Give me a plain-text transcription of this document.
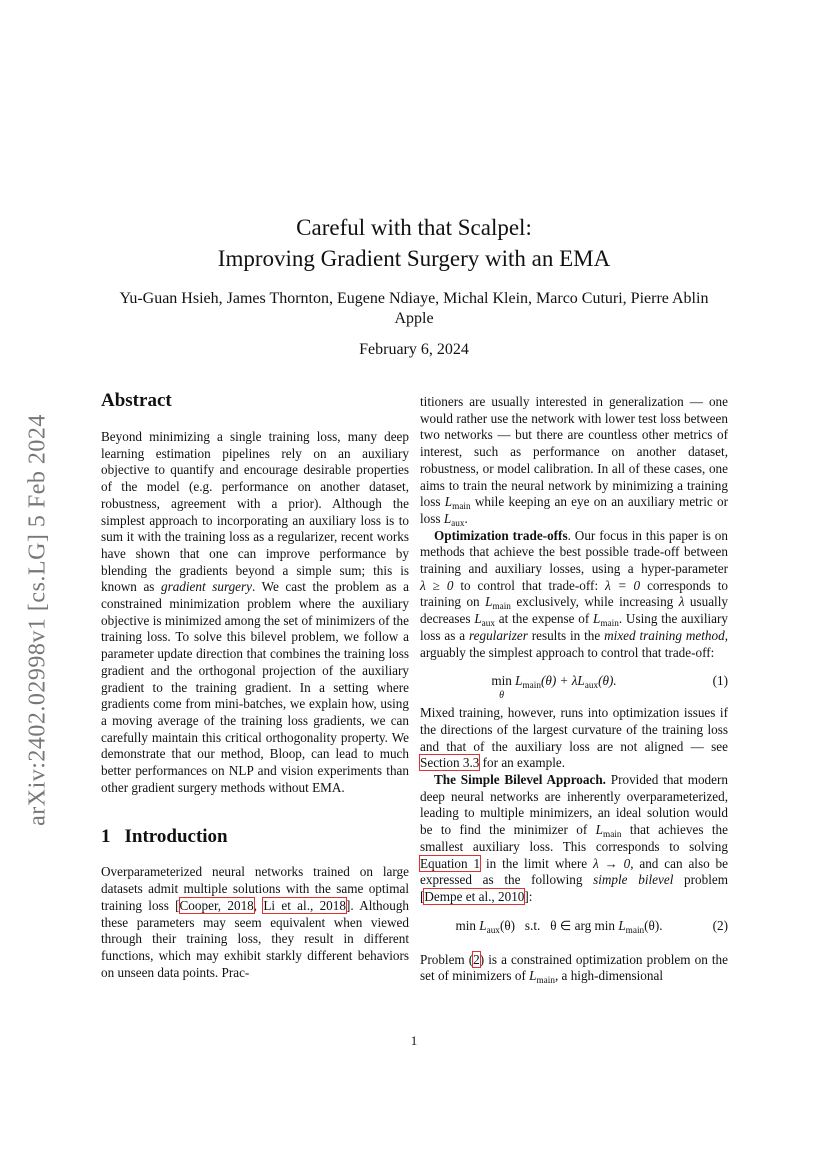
arXiv:2402.02998v1 [cs.LG] 5 Feb 2024
Careful with that Scalpel:
Improving Gradient Surgery with an EMA
Yu-Guan Hsieh, James Thornton, Eugene Ndiaye, Michal Klein, Marco Cuturi, Pierre Ablin
Apple
February 6, 2024
Abstract

Beyond minimizing a single training loss, many deep learning estimation pipelines rely on an auxiliary objective to quantify and encourage desirable properties of the model (e.g. performance on another dataset, robustness, agreement with a prior). Although the simplest approach to incorporating an auxiliary loss is to sum it with the training loss as a regularizer, recent works have shown that one can improve performance by blending the gradients beyond a simple sum; this is known as gradient surgery. We cast the problem as a constrained minimization problem where the auxiliary objective is minimized among the set of minimizers of the training loss. To solve this bilevel problem, we follow a parameter update direction that combines the training loss gradient and the orthogonal projection of the auxiliary gradient to the training gradient. In a setting where gradients come from mini-batches, we explain how, using a moving average of the training loss gradients, we can carefully maintain this critical orthogonality property. We demonstrate that our method, Bloop, can lead to much better performances on NLP and vision experiments than other gradient surgery methods without EMA.

1 Introduction

Overparameterized neural networks trained on large datasets admit multiple solutions with the same optimal training loss [Cooper, 2018, Li et al., 2018]. Although these parameters may seem equivalent when viewed through their training loss, they result in different functions, which may exhibit starkly different behaviors on unseen data points. Prac-

titioners are usually interested in generalization — one would rather use the network with lower test loss between two networks — but there are countless other metrics of interest, such as performance on another dataset, robustness, or model calibration. In all of these cases, one aims to train the neural network by minimizing a training loss $L_{main}$ while keeping an eye on an auxiliary metric or loss $L_{aux}$.

Optimization trade-offs. Our focus in this paper is on methods that achieve the best possible trade-off between training and auxiliary losses, using a hyper-parameter λ ≥ 0 to control that trade-off: λ = 0 corresponds to training on $L_{main}$ exclusively, while increasing λ usually decreases $L_{aux}$ at the expense of $L_{main}$. Using the auxiliary loss as a regularizer results in the mixed training method, arguably the simplest approach to control that trade-off:

min
θ
$L_{main}(\theta) + \lambda L_{aux}(\theta)$.	(1)

Mixed training, however, runs into optimization issues if the directions of the largest curvature of the training loss and that of the auxiliary loss are not aligned — see Section 3.3 for an example.

The Simple Bilevel Approach. Provided that modern deep neural networks are inherently overparameterized, leading to multiple minimizers, an ideal solution would be to find the minimizer of $L_{main}$ that achieves the smallest auxiliary loss. This corresponds to solving Equation 1 in the limit where λ → 0, and can also be expressed as the following simple bilevel problem [Dempe et al., 2010]:

$\min L_{aux}(\theta)$   s.t.   θ ∈ arg $\min L_{main}(\theta)$.	(2)

Problem (2) is a constrained optimization problem on the set of minimizers of $L_{main}$, a high-dimensional

1
